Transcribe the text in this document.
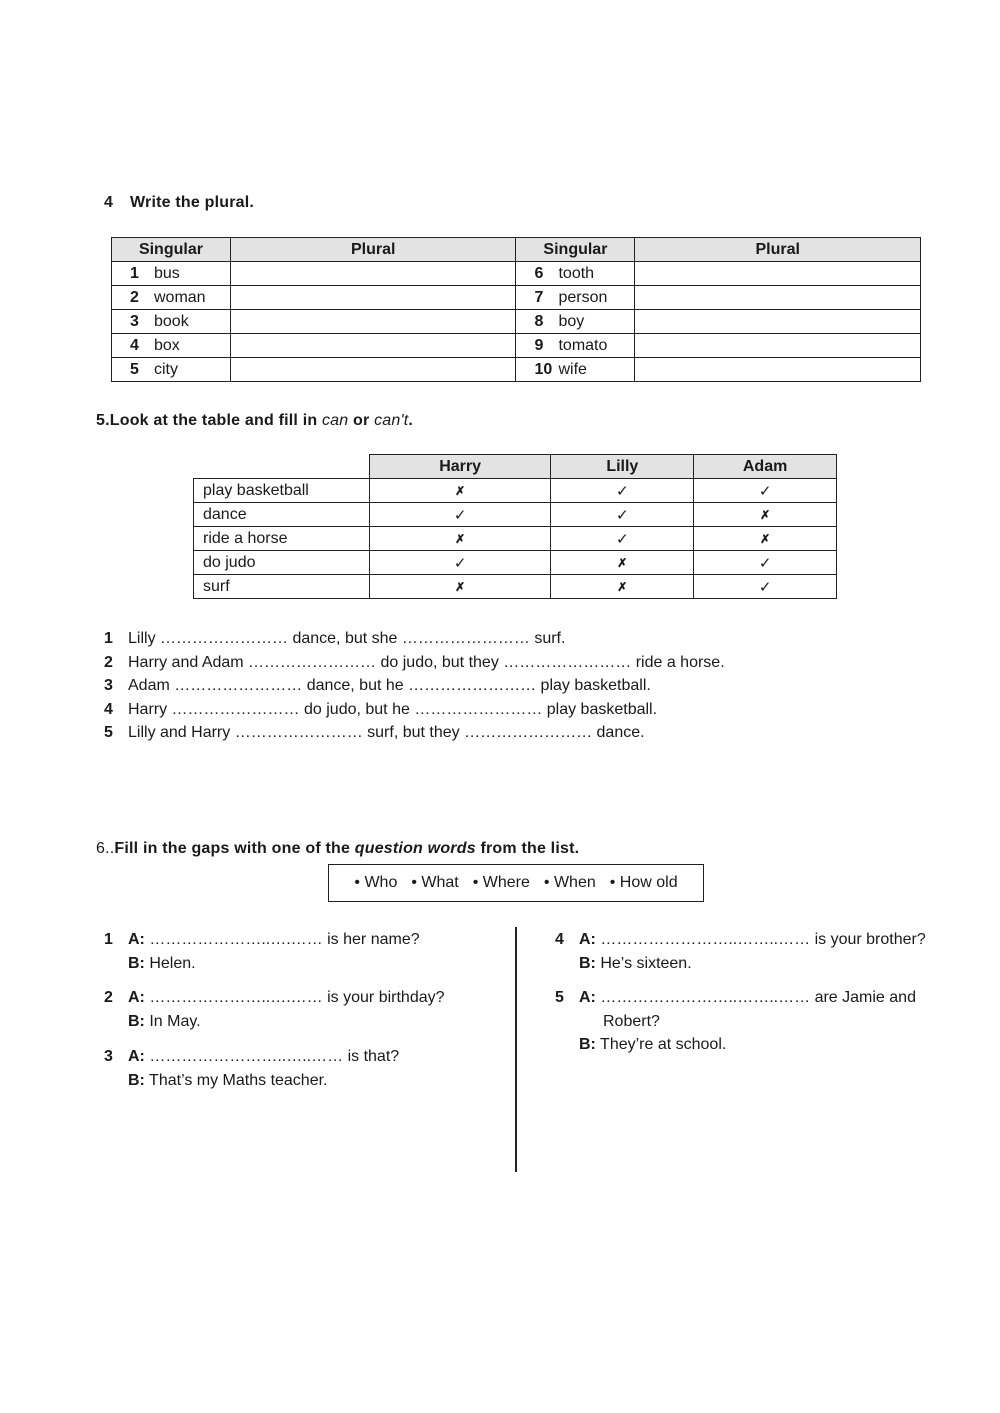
4 Write the plural.
Singular	Plural	Singular	Plural
1 bus		6 tooth	
2 woman		7 person	
3 book		8 boy	
4 box		9 tomato	
5 city		10 wife	
5.Look at the table and fill in can or can't.
	Harry	Lilly	Adam
play basketball	✗	✓	✓
dance	✓	✓	✗
ride a horse	✗	✓	✗
do judo	✓	✗	✓
surf	✗	✗	✓
1 Lilly …………………… dance, but she …………………… surf.
2 Harry and Adam …………………… do judo, but they …………………… ride a horse.
3 Adam …………………… dance, but he …………………… play basketball.
4 Harry …………………… do judo, but he …………………… play basketball.
5 Lilly and Harry …………………… surf, but they …………………… dance.
6..Fill in the gaps with one of the question words from the list.
• Who • What • Where • When • How old
1 A: …………………..….…… is her name?
B: Helen.
2 A: …………………..….…… is your birthday?
B: In May.
3 A: ……………………..…..…… is that?
B: That’s my Maths teacher.
4 A: ……………………..……..…… is your brother?
B: He’s sixteen.
5 A: ……………………..……..…… are Jamie and
Robert?
B: They’re at school.
